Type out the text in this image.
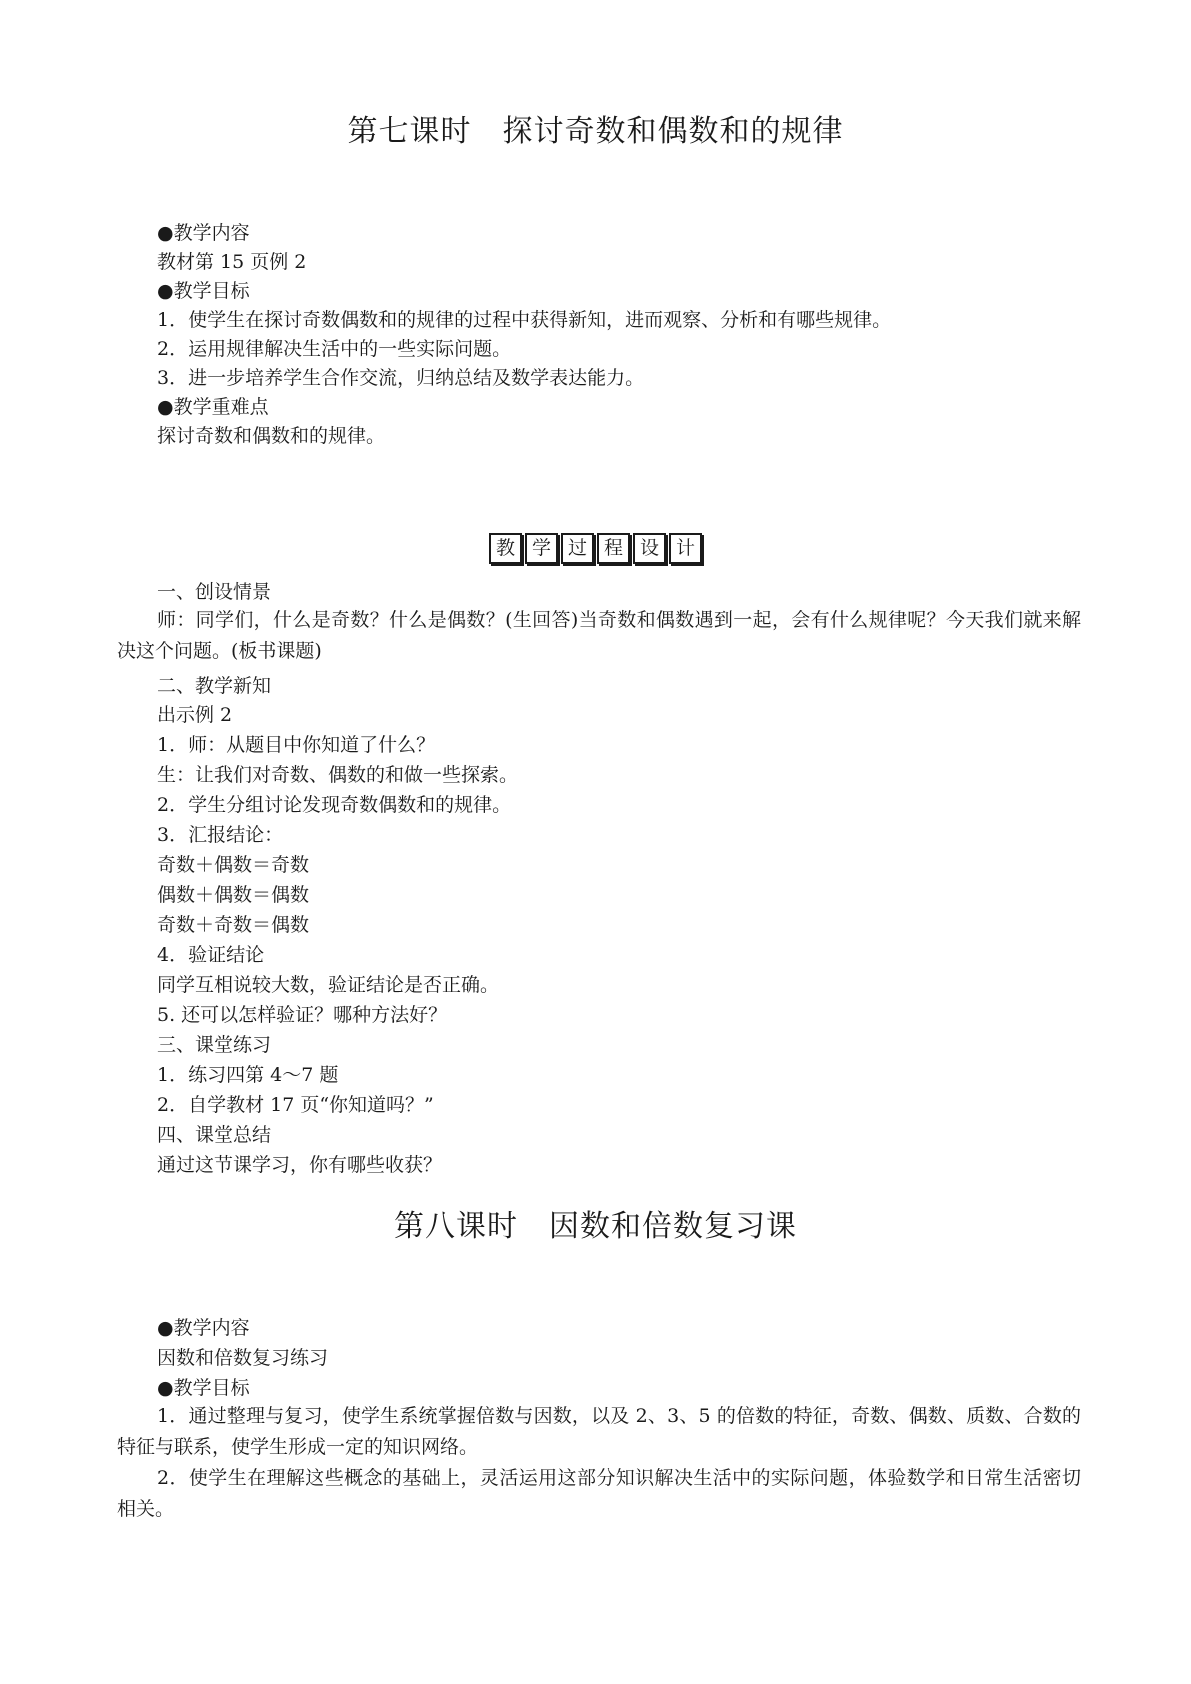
第七课时　探讨奇数和偶数和的规律
●教学内容
教材第 15 页例 2
●教学目标
1．使学生在探讨奇数偶数和的规律的过程中获得新知，进而观察、分析和有哪些规律。
2．运用规律解决生活中的一些实际问题。
3．进一步培养学生合作交流，归纳总结及数学表达能力。
●教学重难点
探讨奇数和偶数和的规律。
教 学 过 程 设 计
一、创设情景
师：同学们，什么是奇数？什么是偶数？(生回答)当奇数和偶数遇到一起，会有什么规律呢？今天我们就来解决这个问题。(板书课题)
二、教学新知
出示例 2
1．师：从题目中你知道了什么？
生：让我们对奇数、偶数的和做一些探索。
2．学生分组讨论发现奇数偶数和的规律。
3．汇报结论：
奇数＋偶数＝奇数
偶数＋偶数＝偶数
奇数＋奇数＝偶数
4．验证结论
同学互相说较大数，验证结论是否正确。
5. 还可以怎样验证？哪种方法好？
三、课堂练习
1．练习四第 4～7 题
2．自学教材 17 页“你知道吗？”
四、课堂总结
通过这节课学习，你有哪些收获？
第八课时　因数和倍数复习课
●教学内容
因数和倍数复习练习
●教学目标
1．通过整理与复习，使学生系统掌握倍数与因数，以及 2、3、5 的倍数的特征，奇数、偶数、质数、合数的特征与联系，使学生形成一定的知识网络。
2．使学生在理解这些概念的基础上，灵活运用这部分知识解决生活中的实际问题，体验数学和日常生活密切相关。
